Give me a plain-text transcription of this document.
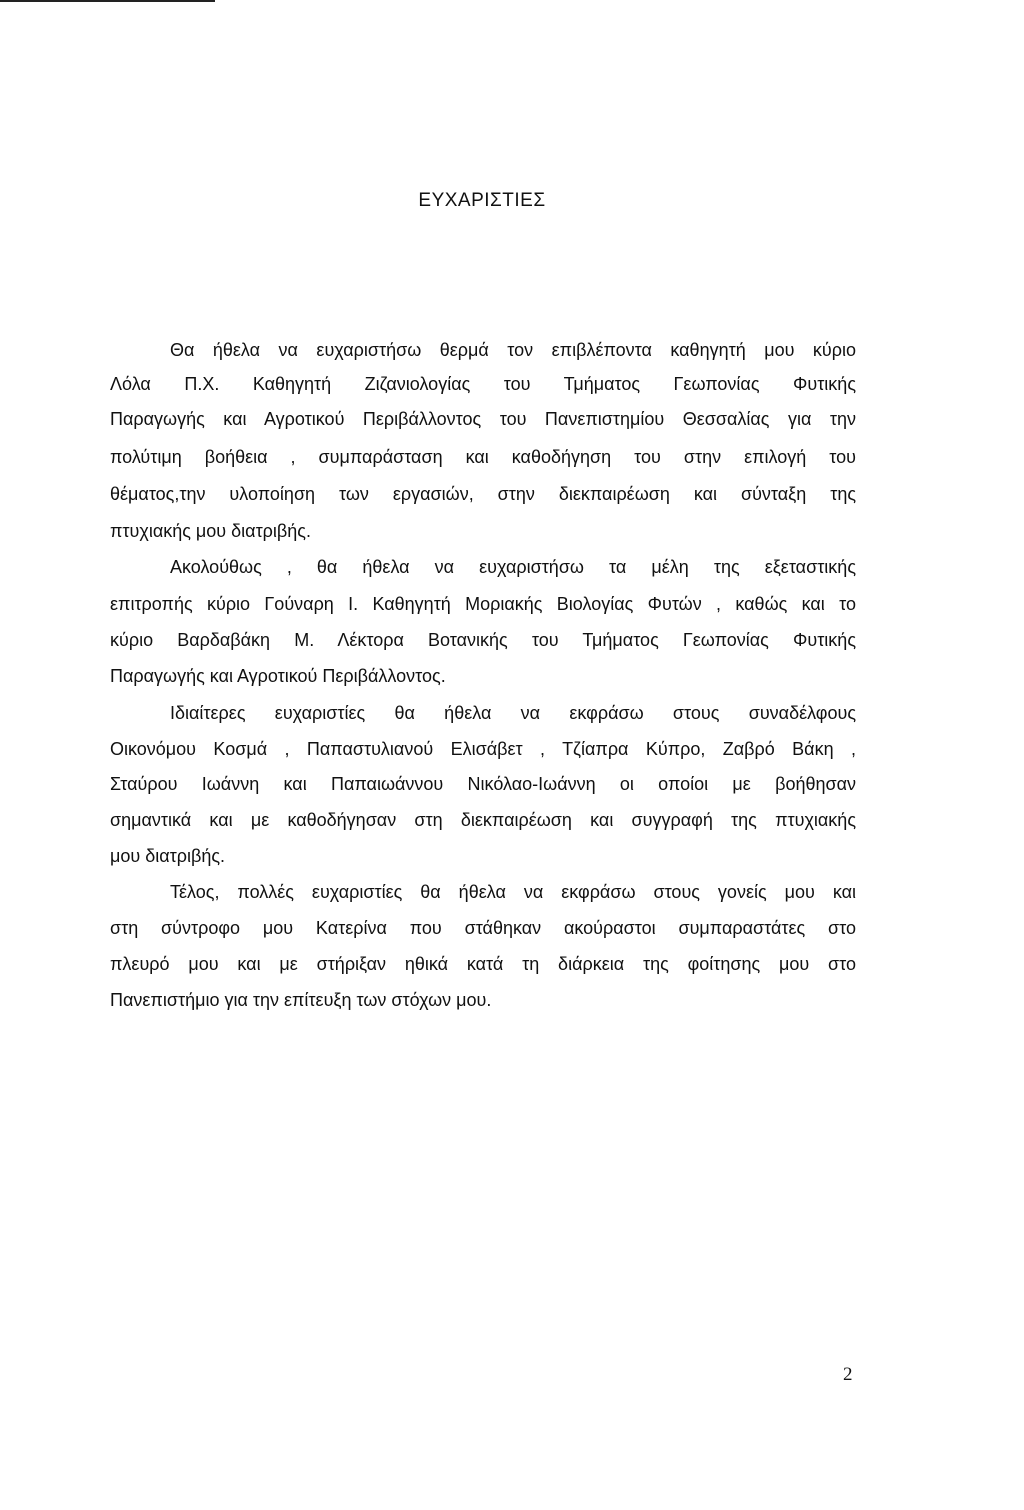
ΕΥΧΑΡΙΣΤΙΕΣ
Θα ήθελα να ευχαριστήσω θερμά τον επιβλέποντα καθηγητή μου κύριο
Λόλα Π.Χ. Καθηγητή Ζιζανιολογίας του Τμήματος Γεωπονίας Φυτικής
Παραγωγής και Αγροτικού Περιβάλλοντος του Πανεπιστημίου Θεσσαλίας για την
πολύτιμη βοήθεια , συμπαράσταση και καθοδήγηση του στην επιλογή του
θέματος,την υλοποίηση των εργασιών, στην διεκπαιρέωση και σύνταξη της
πτυχιακής μου διατριβής.
Ακολούθως , θα ήθελα να ευχαριστήσω τα μέλη της εξεταστικής
επιτροπής κύριο Γούναρη Ι. Καθηγητή Μοριακής Βιολογίας Φυτών , καθώς και το
κύριο Βαρδαβάκη Μ. Λέκτορα Βοτανικής του Τμήματος Γεωπονίας Φυτικής
Παραγωγής και Αγροτικού Περιβάλλοντος.
Ιδιαίτερες ευχαριστίες θα ήθελα να εκφράσω στους συναδέλφους
Οικονόμου Κοσμά , Παπαστυλιανού Ελισάβετ , Τζίαπρα Κύπρο, Ζαβρό Βάκη ,
Σταύρου Ιωάννη και Παπαιωάννου Νικόλαο-Ιωάννη οι οποίοι με βοήθησαν
σημαντικά και με καθοδήγησαν στη διεκπαιρέωση και συγγραφή της πτυχιακής
μου διατριβής.
Τέλος, πολλές ευχαριστίες θα ήθελα να εκφράσω στους γονείς μου και
στη σύντροφο μου Κατερίνα που στάθηκαν ακούραστοι συμπαραστάτες στο
πλευρό μου και με στήριξαν ηθικά κατά τη διάρκεια της φοίτησης μου στο
Πανεπιστήμιο για την επίτευξη των στόχων μου.
2
